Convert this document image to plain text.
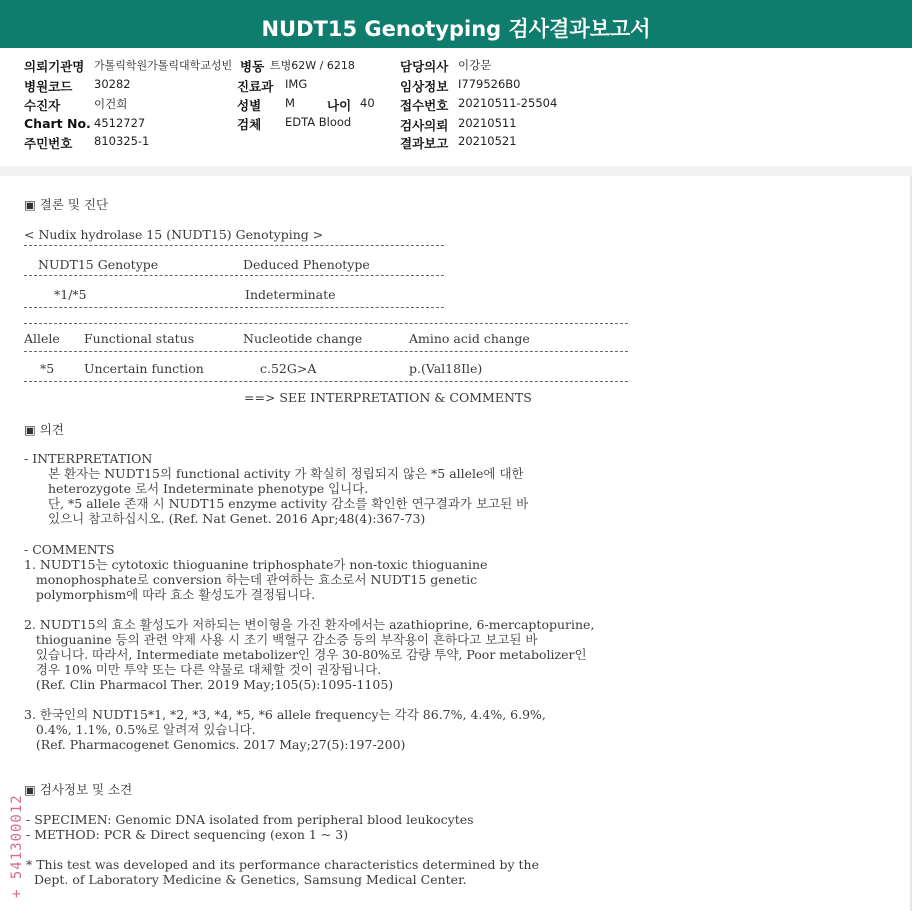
NUDT15 Genotyping 검사결과보고서
의뢰기관명 가톨릭학원가톨릭대학교성빈
병원코드 30282
수진자	이건희
Chart No. 4512727
주민번호 810325-1
병동 트병62W / 6218
진료과 IMG
성별 M	나이 40
검체 EDTA Blood
담당의사 이강문
임상정보 I779526B0
접수번호 20210511-25504
검사의뢰 20210511
결과보고 20210521
▣ 결론 및 진단
< Nudix hydrolase 15 (NUDT15) Genotyping >
NUDT15 Genotype	Deduced Phenotype
*1/*5	Indeterminate
Allele Functional status	Nucleotide change	Amino acid change
*5 Uncertain function	c.52G>A	p.(Val18Ile)
==> SEE INTERPRETATION & COMMENTS
▣ 의견
- INTERPRETATION
본 환자는 NUDT15의 functional activity 가 확실히 정립되지 않은 *5 allele에 대한
heterozygote 로서 Indeterminate phenotype 입니다.
단, *5 allele 존재 시 NUDT15 enzyme activity 감소를 확인한 연구결과가 보고된 바
있으니 참고하십시오. (Ref. Nat Genet. 2016 Apr;48(4):367-73)
- COMMENTS
1. NUDT15는 cytotoxic thioguanine triphosphate가 non-toxic thioguanine
monophosphate로 conversion 하는데 관여하는 효소로서 NUDT15 genetic
polymorphism에 따라 효소 활성도가 결정됩니다.
2. NUDT15의 효소 활성도가 저하되는 변이형을 가진 환자에서는 azathioprine, 6-mercaptopurine,
thioguanine 등의 관련 약제 사용 시 조기 백혈구 감소증 등의 부작용이 흔하다고 보고된 바
있습니다. 따라서, Intermediate metabolizer인 경우 30-80%로 감량 투약, Poor metabolizer인
경우 10% 미만 투약 또는 다른 약물로 대체할 것이 권장됩니다.
(Ref. Clin Pharmacol Ther. 2019 May;105(5):1095-1105)
3. 한국인의 NUDT15*1, *2, *3, *4, *5, *6 allele frequency는 각각 86.7%, 4.4%, 6.9%,
0.4%, 1.1%, 0.5%로 알려져 있습니다.
(Ref. Pharmacogenet Genomics. 2017 May;27(5):197-200)
▣ 검사정보 및 소견
- SPECIMEN: Genomic DNA isolated from peripheral blood leukocytes
- METHOD: PCR & Direct sequencing (exon 1 ~ 3)
* This test was developed and its performance characteristics determined by the
Dept. of Laboratory Medicine & Genetics, Samsung Medical Center.
+ 541300012
